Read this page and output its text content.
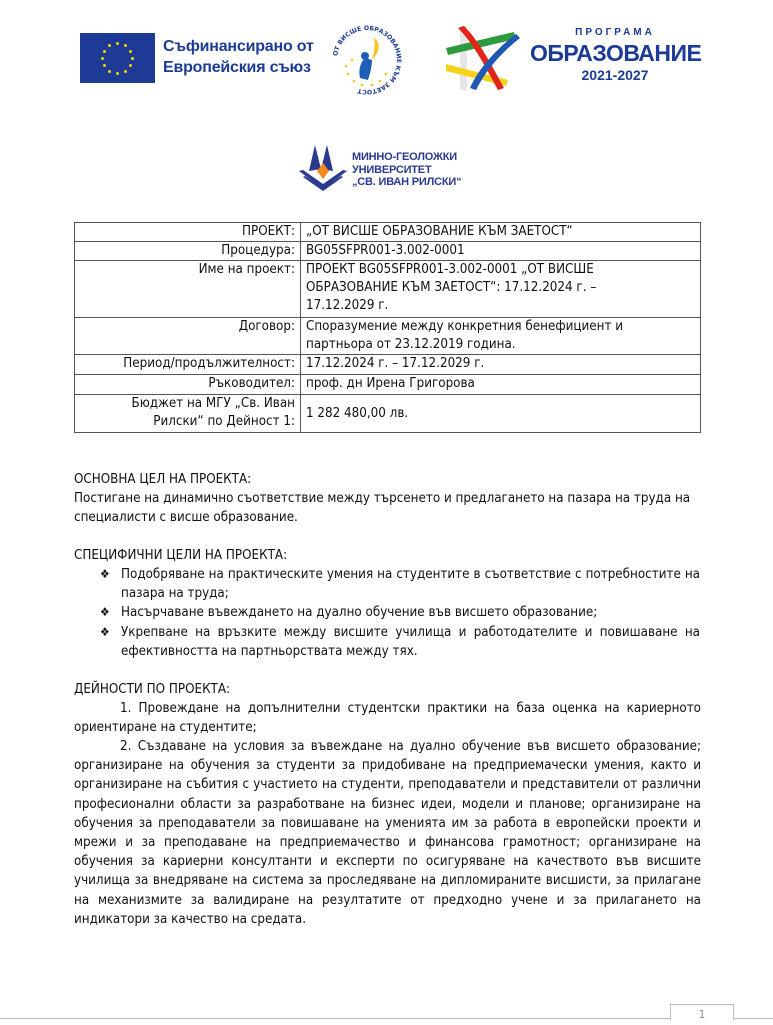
Съфинансирано от
Европейския съюз
ОТ ВИСШЕ ОБРАЗОВАНИЕ КЪМ ЗАЕТОСТ
ПРОГРАМА
ОБРАЗОВАНИЕ
2021-2027
МИННО-ГЕОЛОЖКИ
УНИВЕРСИТЕТ
„СВ. ИВАН РИЛСКИ“
ПРОЕКТ:	„ОТ ВИСШЕ ОБРАЗОВАНИЕ КЪМ ЗАЕТОСТ“
Процедура:	BG05SFPR001-3.002-0001
Име на проект:	ПРОЕКТ BG05SFPR001-3.002-0001 „ОТ ВИСШЕ ОБРАЗОВАНИЕ КЪМ ЗАЕТОСТ“: 17.12.2024 г. – 17.12.2029 г.
Договор:	Споразумение между конкретния бенефициент и партньора от 23.12.2019 година.
Период/продължителност:	17.12.2024 г. – 17.12.2029 г.
Ръководител:	проф. дн Ирена Григорова
Бюджет на МГУ „Св. Иван Рилски“ по Дейност 1:	1 282 480,00 лв.
ОСНОВНА ЦЕЛ НА ПРОЕКТА:
Постигане на динамично съответствие между търсенето и предлагането на пазара на труда на специалисти с висше образование.
СПЕЦИФИЧНИ ЦЕЛИ НА ПРОЕКТА:
❖ Подобряване на практическите умения на студентите в съответствие с потребностите на пазара на труда;
❖ Насърчаване въвеждането на дуално обучение във висшето образование;
❖ Укрепване на връзките между висшите училища и работодателите и повишаване на ефективността на партньорствата между тях.
ДЕЙНОСТИ ПО ПРОЕКТА:
1. Провеждане на допълнителни студентски практики на база оценка на кариерното ориентиране на студентите;
2. Създаване на условия за въвеждане на дуално обучение във висшето образование; организиране на обучения за студенти за придобиване на предприемачески умения, както и организиране на събития с участието на студенти, преподаватели и представители от различни професионални области за разработване на бизнес идеи, модели и планове; организиране на обучения за преподаватели за повишаване на уменията им за работа в европейски проекти и мрежи и за преподаване на предприемачество и финансова грамотност; организиране на обучения за кариерни консултанти и експерти по осигуряване на качеството във висшите училища за внедряване на система за проследяване на дипломираните висшисти, за прилагане на механизмите за валидиране на резултатите от предходно учене и за прилагането на индикатори за качество на средата.
1
